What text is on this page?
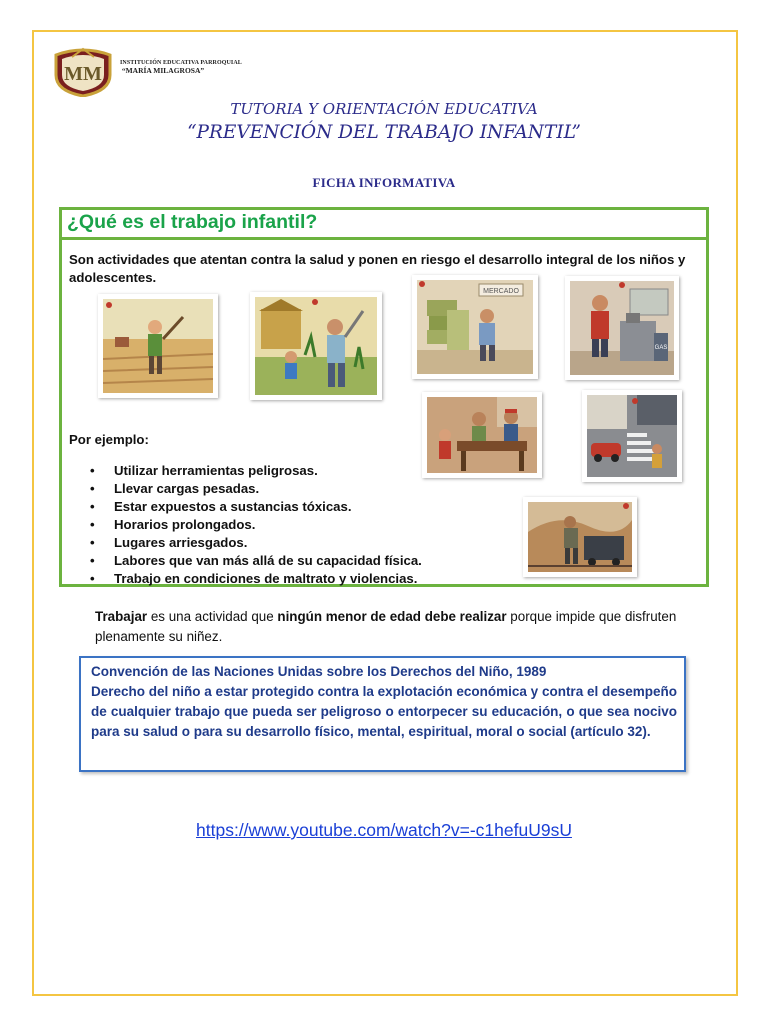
MM	INSTITUCIÓN EDUCATIVA PARROQUIAL
“MARÍA MILAGROSA”
TUTORIA Y ORIENTACIÓN EDUCATIVA
“PREVENCIÓN DEL TRABAJO INFANTIL”
FICHA INFORMATIVA
¿Qué es el trabajo infantil?
Son actividades que atentan contra la salud y ponen en riesgo el desarrollo integral de los niños y adolescentes.
Por ejemplo:
• Utilizar herramientas peligrosas.
• Llevar cargas pesadas.
• Estar expuestos a sustancias tóxicas.
• Horarios prolongados.
• Lugares arriesgados.
• Labores que van más allá de su capacidad física.
• Trabajo en condiciones de maltrato y violencias.
MERCADO
GAS
Trabajar es una actividad que ningún menor de edad debe realizar porque impide que disfruten plenamente su niñez.

Convención de las Naciones Unidas sobre los Derechos del Niño, 1989
Derecho del niño a estar protegido contra la explotación económica y contra el desempeño de cualquier trabajo que pueda ser peligroso o entorpecer su educación, o que sea nocivo para su salud o para su desarrollo físico, mental, espiritual, moral o social (artículo 32).

https://www.youtube.com/watch?v=-c1hefuU9sU
